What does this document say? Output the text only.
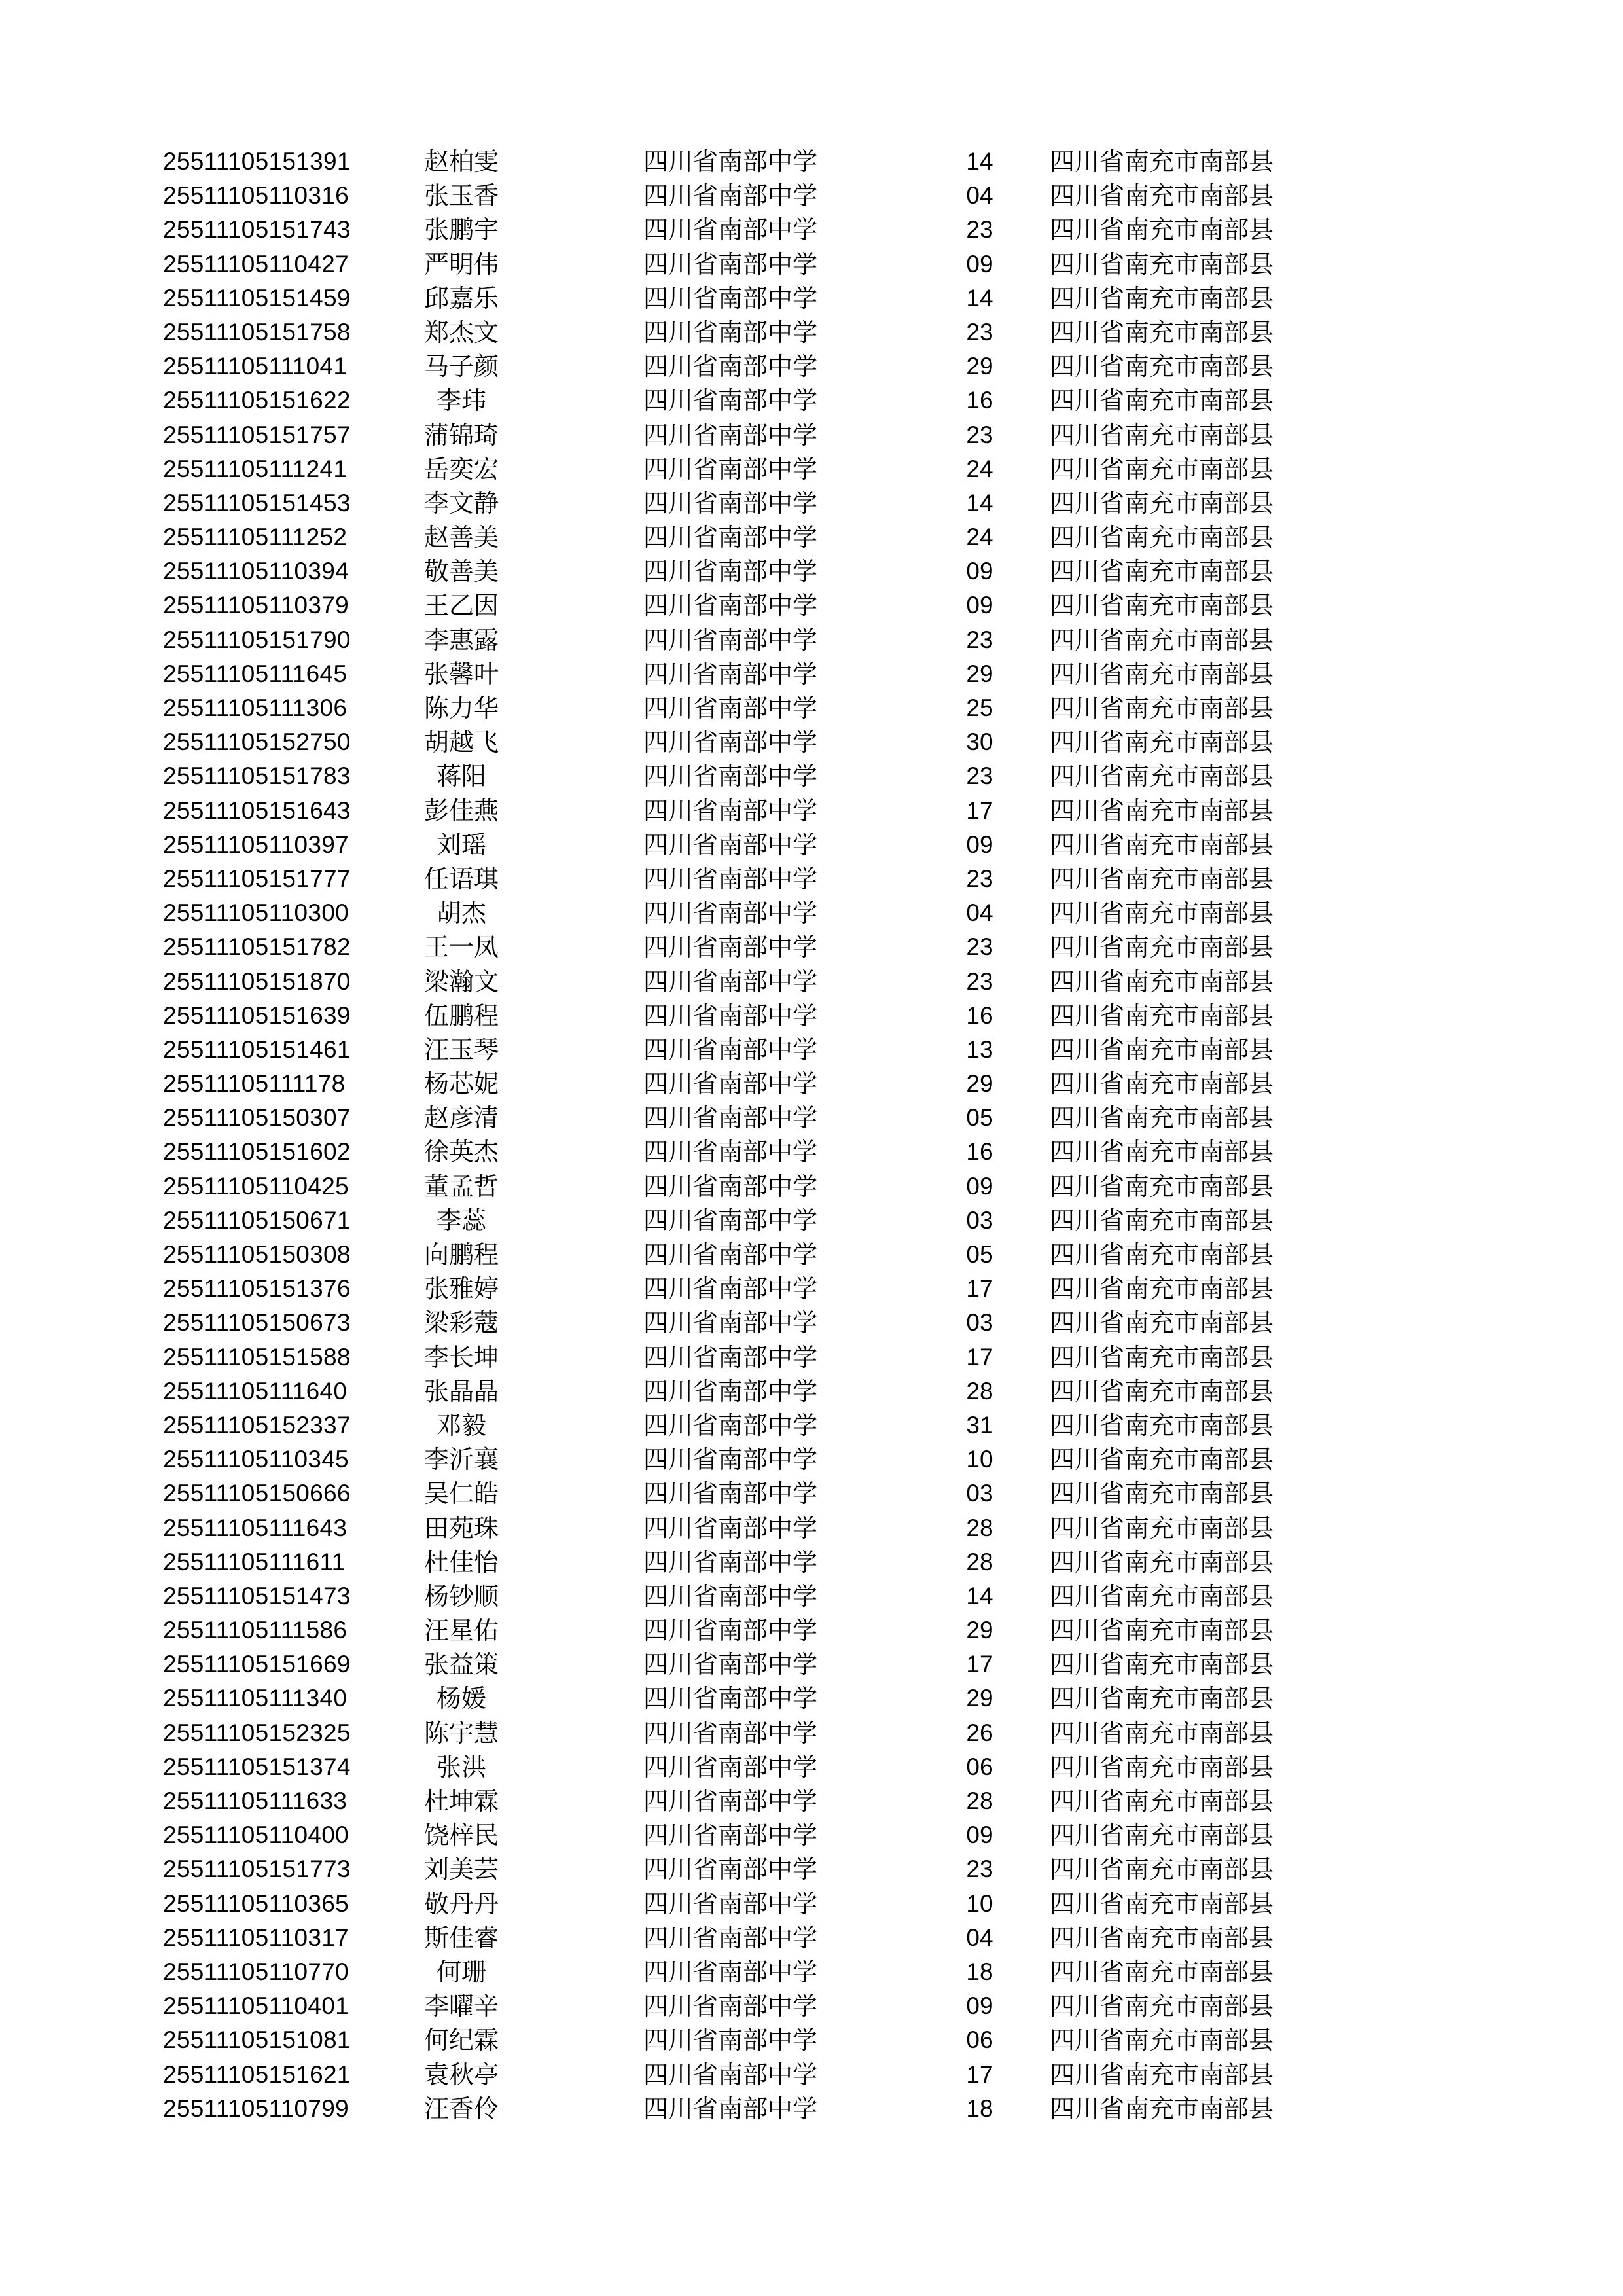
25511105151391	赵柏雯	四川省南部中学	14	四川省南充市南部县
25511105110316	张玉香	四川省南部中学	04	四川省南充市南部县
25511105151743	张鹏宇	四川省南部中学	23	四川省南充市南部县
25511105110427	严明伟	四川省南部中学	09	四川省南充市南部县
25511105151459	邱嘉乐	四川省南部中学	14	四川省南充市南部县
25511105151758	郑杰文	四川省南部中学	23	四川省南充市南部县
25511105111041	马子颜	四川省南部中学	29	四川省南充市南部县
25511105151622	李玮	四川省南部中学	16	四川省南充市南部县
25511105151757	蒲锦琦	四川省南部中学	23	四川省南充市南部县
25511105111241	岳奕宏	四川省南部中学	24	四川省南充市南部县
25511105151453	李文静	四川省南部中学	14	四川省南充市南部县
25511105111252	赵善美	四川省南部中学	24	四川省南充市南部县
25511105110394	敬善美	四川省南部中学	09	四川省南充市南部县
25511105110379	王乙因	四川省南部中学	09	四川省南充市南部县
25511105151790	李惠露	四川省南部中学	23	四川省南充市南部县
25511105111645	张馨叶	四川省南部中学	29	四川省南充市南部县
25511105111306	陈力华	四川省南部中学	25	四川省南充市南部县
25511105152750	胡越飞	四川省南部中学	30	四川省南充市南部县
25511105151783	蒋阳	四川省南部中学	23	四川省南充市南部县
25511105151643	彭佳燕	四川省南部中学	17	四川省南充市南部县
25511105110397	刘瑶	四川省南部中学	09	四川省南充市南部县
25511105151777	任语琪	四川省南部中学	23	四川省南充市南部县
25511105110300	胡杰	四川省南部中学	04	四川省南充市南部县
25511105151782	王一凤	四川省南部中学	23	四川省南充市南部县
25511105151870	梁瀚文	四川省南部中学	23	四川省南充市南部县
25511105151639	伍鹏程	四川省南部中学	16	四川省南充市南部县
25511105151461	汪玉琴	四川省南部中学	13	四川省南充市南部县
25511105111178	杨芯妮	四川省南部中学	29	四川省南充市南部县
25511105150307	赵彦清	四川省南部中学	05	四川省南充市南部县
25511105151602	徐英杰	四川省南部中学	16	四川省南充市南部县
25511105110425	董孟哲	四川省南部中学	09	四川省南充市南部县
25511105150671	李蕊	四川省南部中学	03	四川省南充市南部县
25511105150308	向鹏程	四川省南部中学	05	四川省南充市南部县
25511105151376	张雅婷	四川省南部中学	17	四川省南充市南部县
25511105150673	梁彩蔻	四川省南部中学	03	四川省南充市南部县
25511105151588	李长坤	四川省南部中学	17	四川省南充市南部县
25511105111640	张晶晶	四川省南部中学	28	四川省南充市南部县
25511105152337	邓毅	四川省南部中学	31	四川省南充市南部县
25511105110345	李沂襄	四川省南部中学	10	四川省南充市南部县
25511105150666	吴仁皓	四川省南部中学	03	四川省南充市南部县
25511105111643	田苑珠	四川省南部中学	28	四川省南充市南部县
25511105111611	杜佳怡	四川省南部中学	28	四川省南充市南部县
25511105151473	杨钞顺	四川省南部中学	14	四川省南充市南部县
25511105111586	汪星佑	四川省南部中学	29	四川省南充市南部县
25511105151669	张益策	四川省南部中学	17	四川省南充市南部县
25511105111340	杨媛	四川省南部中学	29	四川省南充市南部县
25511105152325	陈宇慧	四川省南部中学	26	四川省南充市南部县
25511105151374	张洪	四川省南部中学	06	四川省南充市南部县
25511105111633	杜坤霖	四川省南部中学	28	四川省南充市南部县
25511105110400	饶梓民	四川省南部中学	09	四川省南充市南部县
25511105151773	刘美芸	四川省南部中学	23	四川省南充市南部县
25511105110365	敬丹丹	四川省南部中学	10	四川省南充市南部县
25511105110317	斯佳睿	四川省南部中学	04	四川省南充市南部县
25511105110770	何珊	四川省南部中学	18	四川省南充市南部县
25511105110401	李曜辛	四川省南部中学	09	四川省南充市南部县
25511105151081	何纪霖	四川省南部中学	06	四川省南充市南部县
25511105151621	袁秋亭	四川省南部中学	17	四川省南充市南部县
25511105110799	汪香伶	四川省南部中学	18	四川省南充市南部县
